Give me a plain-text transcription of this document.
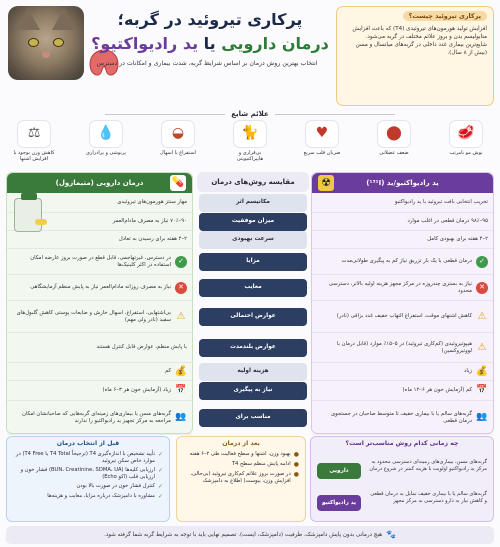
پرکاری تیروئید در گربه؛
درمان دارویی یا ید رادیواکتیو؟
انتخاب بهترین روش درمان بر اساس شرایط گربه، شدت بیماری و امکانات در دسترس
پرکاری تیروئید چیست؟

افزایش تولید هورمون‌های تیروئیدی (T4) که باعث افزایش متابولیسم بدن و بروز علائم مختلف در گربه می‌شود. شایع‌ترین بیماری غدد داخلی در گربه‌های میانسال و مسن (بیش از ۸ سال).

علائم شایع
🥩
نوش مو نامرتب
⬤
ضعف عضلانی
♥
ضربان قلب سریع
🐈
بی‌قراری و هایپراکتیویتی
◒
استفراغ یا اسهال
💧
پرنوشی و پرادراری
⚖
کاهش وزن بوجود با افزایش اشتها
ید رادیواکتیو/ید (¹³¹I)
☢
تخریب انتخابی بافت تیروئید با ید رادیواکتیو
۹۵–۹۸٪ درمان قطعی در اغلب موارد
۲–۴ هفته برای بهبودی کامل
✓
درمان قطعی با یک بار تزریق نیاز کم به پیگیری طولانی‌مدت
✕
نیاز به بستری چندروزه در مرکز مجهز هزینه اولیه بالاتر، دسترسی محدود
⚠
کاهش اشتهای موقت، استفراغ التهاب خفیف غدد بزاقی (نادر)
⚠
هیپوتیروئیدی (کم‌کاری تیروئید) در ۵–۱۵٪ موارد (قابل درمان با لووتیروکسین)
💰
زیاد
📅
کم (آزمایش خون هر ۶–۱۲ ماه)
👥
گربه‌های سالم یا با بیماری خفیف تا متوسط صاحبان در جستجوی درمان قطعی
مقایسه روش‌های درمان
مکانیسم اثر
میزان موفقیت
سرعت بهبودی
مزایا
معایب
عوارض احتمالی
عوارض بلندمدت
هزینه اولیه
نیاز به پیگیری
مناسب برای
درمان دارویی (متیمازول)	💊
مهار سنتز هورمون‌های تیروئیدی
۹۰–۷۰٪ نیاز به مصرف مادام‌العمر
۲–۴ هفته برای رسیدن به تعادل
✓
در دسترس، غیرتهاجمی، قابل قطع در صورت بروز عارضه امکان استفاده در اکثر کلینیک‌ها
✕
نیاز به مصرف روزانه مادام‌العمر نیاز به پایش منظم آزمایشگاهی
⚠
بی‌اشتهایی، استفراغ، اسهال خارش و ضایعات پوستی کاهش گلبول‌های سفید (نادر ولی مهم)
با پایش منظم، عوارض قابل کنترل هستند
💰
کم
📅
زیاد (آزمایش خون هر ۳–۶ ماه)
👥
گربه‌های مسن یا بیماری‌های زمینه‌ای گربه‌هایی که صاحبانشان امکان مراجعه به مرکز تجهیز ید رادیواکتیو را ندارند
چه زمانی کدام روش مناسب‌تر است؟
دارویی
گربه‌های مسن، بیماری‌های زمینه‌ای دسترسی محدود به مرکز ید رادیواکتیو اولویت با هزینه کمتر در شروع درمان
ید رادیواکتیو
گربه‌های سالم یا با بیماری خفیف تمایل به درمان قطعی و کاهش نیاز به دارو دسترسی به مرکز مجهز
بعد از درمان
●
بهبود وزن، اشتها و سطح فعالیت طی ۲–۶ هفته
●
ادامه پایش منظم سطح T4
●
در صورت بروز علائم کم‌کاری تیروئید (بی‌حالی، افزایش وزن، یبوست) اطلاع به دامپزشک
قبل از انتخاب درمان
✓
تأیید تشخیص با اندازه‌گیری T4 (ترجیحاً T4 Total یا T4 Free) در موارد خاص سکن تیروئید
✓
ارزیابی کلیه‌ها (BUN، Creatinine، SDMA، UA) فشار خون و ارزیابی قلب (اکو Echo)
✓
کنترل فشار خون در صورت بالا بودن
✓
مشاوره با دامپزشک درباره مزایا، معایب و هزینه‌ها
🐾
هیچ درمانی بدون پایش دامپزشک، ظرفیت (دامپزشک، ایست). تصمیم نهایی باید با توجه به شرایط گربه شما گرفته شود.
